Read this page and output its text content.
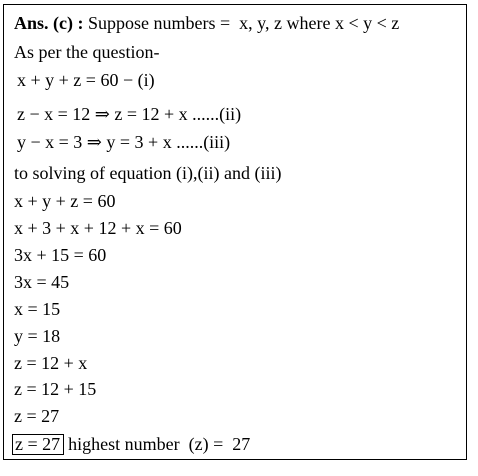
Ans. (c) : Suppose numbers =  x, y, z where x < y < z
As per the question-
x + y + z = 60 − (i)
z − x = 12 ⇒ z = 12 + x ......(ii)
y − x = 3 ⇒ y = 3 + x ......(iii)
to solving of equation (i),(ii) and (iii)
x + y + z = 60
x + 3 + x + 12 + x = 60
3x + 15 = 60
3x = 45
x = 15
y = 18
z = 12 + x
z = 12 + 15
z = 27
z = 27 highest number  (z) =  27
